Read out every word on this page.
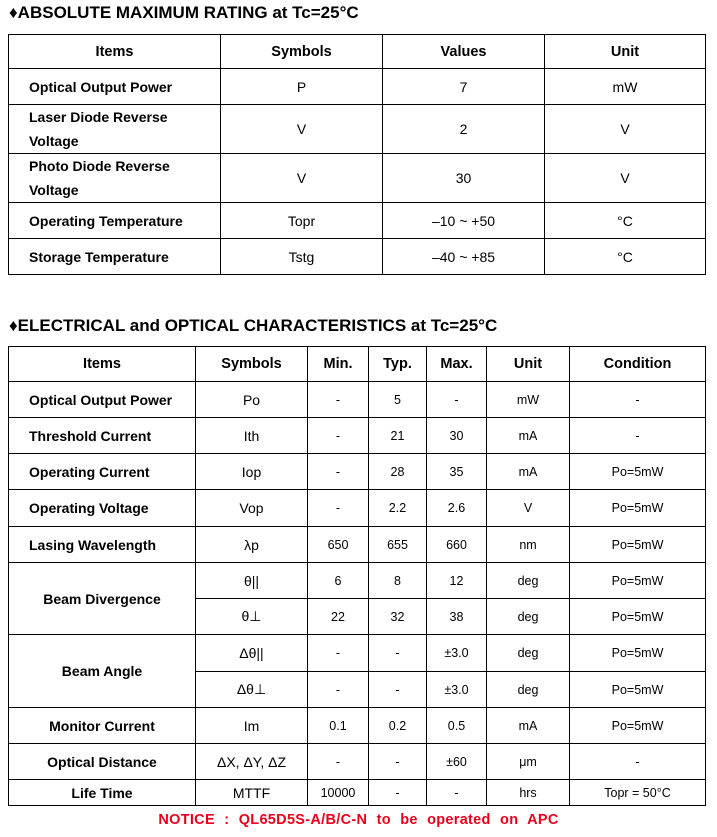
♦ABSOLUTE MAXIMUM RATING at Tc=25°C
Items	Symbols	Values	Unit
Optical Output Power	P	7	mW
Laser Diode Reverse Voltage	V	2	V
Photo Diode Reverse Voltage	V	30	V
Operating Temperature	Topr	–10 ~ +50	°C
Storage Temperature	Tstg	–40 ~ +85	°C
♦ELECTRICAL and OPTICAL CHARACTERISTICS at Tc=25°C
Items	Symbols	Min.	Typ.	Max.	Unit	Condition
Optical Output Power	Po	-	5	-	mW	-
Threshold Current	Ith	-	21	30	mA	-
Operating Current	Iop	-	28	35	mA	Po=5mW
Operating Voltage	Vop	-	2.2	2.6	V	Po=5mW
Lasing Wavelength	λp	650	655	660	nm	Po=5mW
Beam Divergence	θ||	6	8	12	deg	Po=5mW
	θ⊥	22	32	38	deg	Po=5mW
Beam Angle	Δθ||	-	-	±3.0	deg	Po=5mW
	Δθ⊥	-	-	±3.0	deg	Po=5mW
Monitor Current	Im	0.1	0.2	0.5	mA	Po=5mW
Optical Distance	ΔX, ΔY, ΔZ	-	-	±60	μm	-
Life Time	MTTF	10000	-	-	hrs	Topr = 50°C
NOTICE : QL65D5S-A/B/C-N to be operated on APC
